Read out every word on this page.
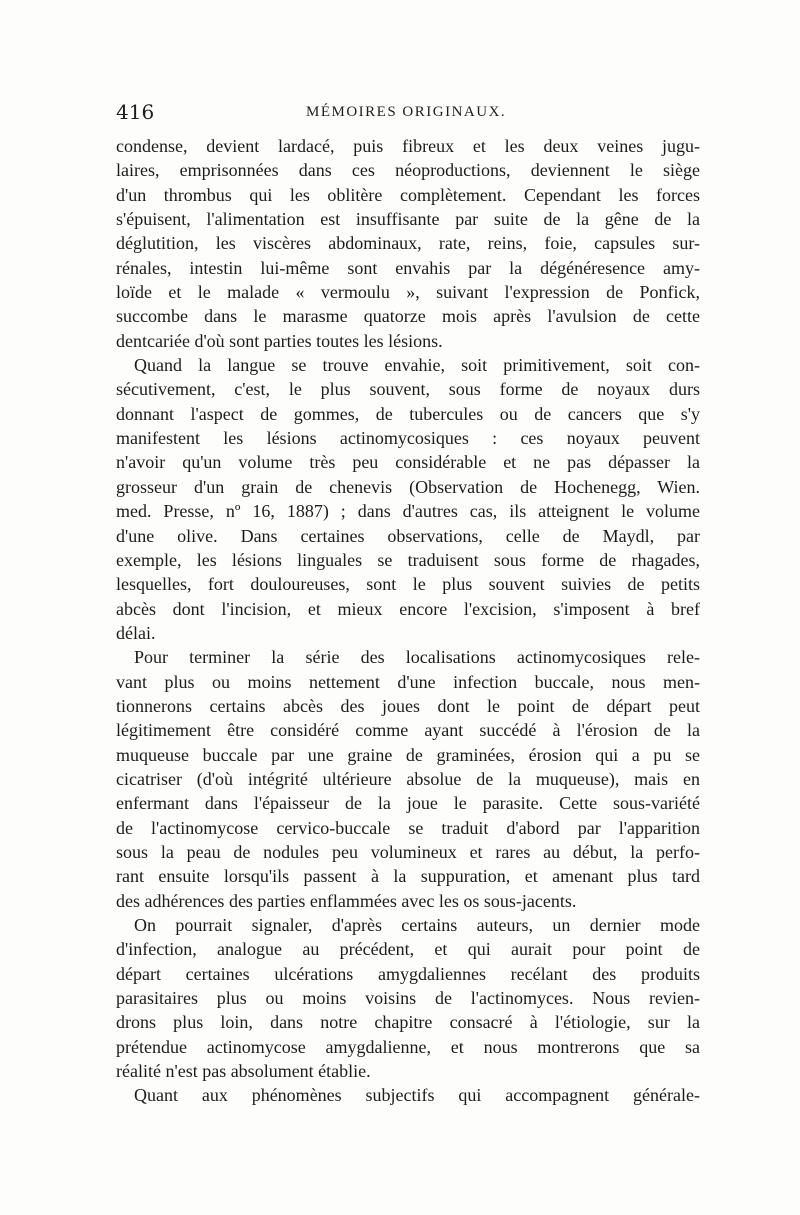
416	MÉMOIRES ORIGINAUX.
condense, devient lardacé, puis fibreux et les deux veines jugu-
laires, emprisonnées dans ces néoproductions, deviennent le siège
d'un thrombus qui les oblitère complètement. Cependant les forces
s'épuisent, l'alimentation est insuffisante par suite de la gêne de la
déglutition, les viscères abdominaux, rate, reins, foie, capsules sur-
rénales, intestin lui-même sont envahis par la dégénéresence amy-
loïde et le malade « vermoulu », suivant l'expression de Ponfick,
succombe dans le marasme quatorze mois après l'avulsion de cette
dentcariée d'où sont parties toutes les lésions.
Quand la langue se trouve envahie, soit primitivement, soit con-
sécutivement, c'est, le plus souvent, sous forme de noyaux durs
donnant l'aspect de gommes, de tubercules ou de cancers que s'y
manifestent les lésions actinomycosiques : ces noyaux peuvent
n'avoir qu'un volume très peu considérable et ne pas dépasser la
grosseur d'un grain de chenevis (Observation de Hochenegg, Wien.
med. Presse, nº 16, 1887) ; dans d'autres cas, ils atteignent le volume
d'une olive. Dans certaines observations, celle de Maydl, par
exemple, les lésions linguales se traduisent sous forme de rhagades,
lesquelles, fort douloureuses, sont le plus souvent suivies de petits
abcès dont l'incision, et mieux encore l'excision, s'imposent à bref
délai.
Pour terminer la série des localisations actinomycosiques rele-
vant plus ou moins nettement d'une infection buccale, nous men-
tionnerons certains abcès des joues dont le point de départ peut
légitimement être considéré comme ayant succédé à l'érosion de la
muqueuse buccale par une graine de graminées, érosion qui a pu se
cicatriser (d'où intégrité ultérieure absolue de la muqueuse), mais en
enfermant dans l'épaisseur de la joue le parasite. Cette sous-variété
de l'actinomycose cervico-buccale se traduit d'abord par l'apparition
sous la peau de nodules peu volumineux et rares au début, la perfo-
rant ensuite lorsqu'ils passent à la suppuration, et amenant plus tard
des adhérences des parties enflammées avec les os sous-jacents.
On pourrait signaler, d'après certains auteurs, un dernier mode
d'infection, analogue au précédent, et qui aurait pour point de
départ certaines ulcérations amygdaliennes recélant des produits
parasitaires plus ou moins voisins de l'actinomyces. Nous revien-
drons plus loin, dans notre chapitre consacré à l'étiologie, sur la
prétendue actinomycose amygdalienne, et nous montrerons que sa
réalité n'est pas absolument établie.
Quant aux phénomènes subjectifs qui accompagnent générale-
